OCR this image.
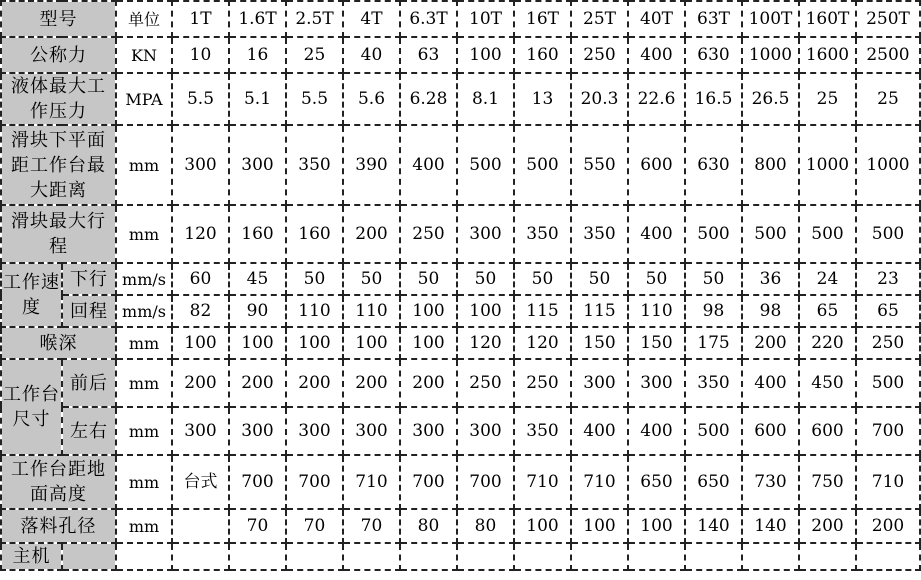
型号		单位	1T	1.6T	2.5T	4T	6.3T	10T	16T	25T	40T	63T	100T	160T	250T
公称力		KN	10	16	25	40	63	100	160	250	400	630	1000	1600	2500
液体最大工作压力		MPA	5.5	5.1	5.5	5.6	6.28	8.1	13	20.3	22.6	16.5	26.5	25	25
滑块下平面距工作台最大距离		mm	300	300	350	390	400	500	500	550	600	630	800	1000	1000
滑块最大行程		mm	120	160	160	200	250	300	350	350	400	500	500	500	500
工作速度	下行	mm/s	60	45	50	50	50	50	50	50	50	50	36	24	23
	回程	mm/s	82	90	110	110	100	100	115	115	110	98	98	65	65
喉深		mm	100	100	100	100	100	120	120	150	150	175	200	220	250
工作台尺寸	前后	mm	200	200	200	200	200	250	250	300	300	350	400	450	500
	左右	mm	300	300	300	300	300	300	350	400	400	500	600	600	700
工作台距地面高度		mm	台式	700	700	710	700	700	710	710	650	650	730	750	710
落料孔径		mm		70	70	70	80	80	100	100	100	140	140	200	200
主机															
